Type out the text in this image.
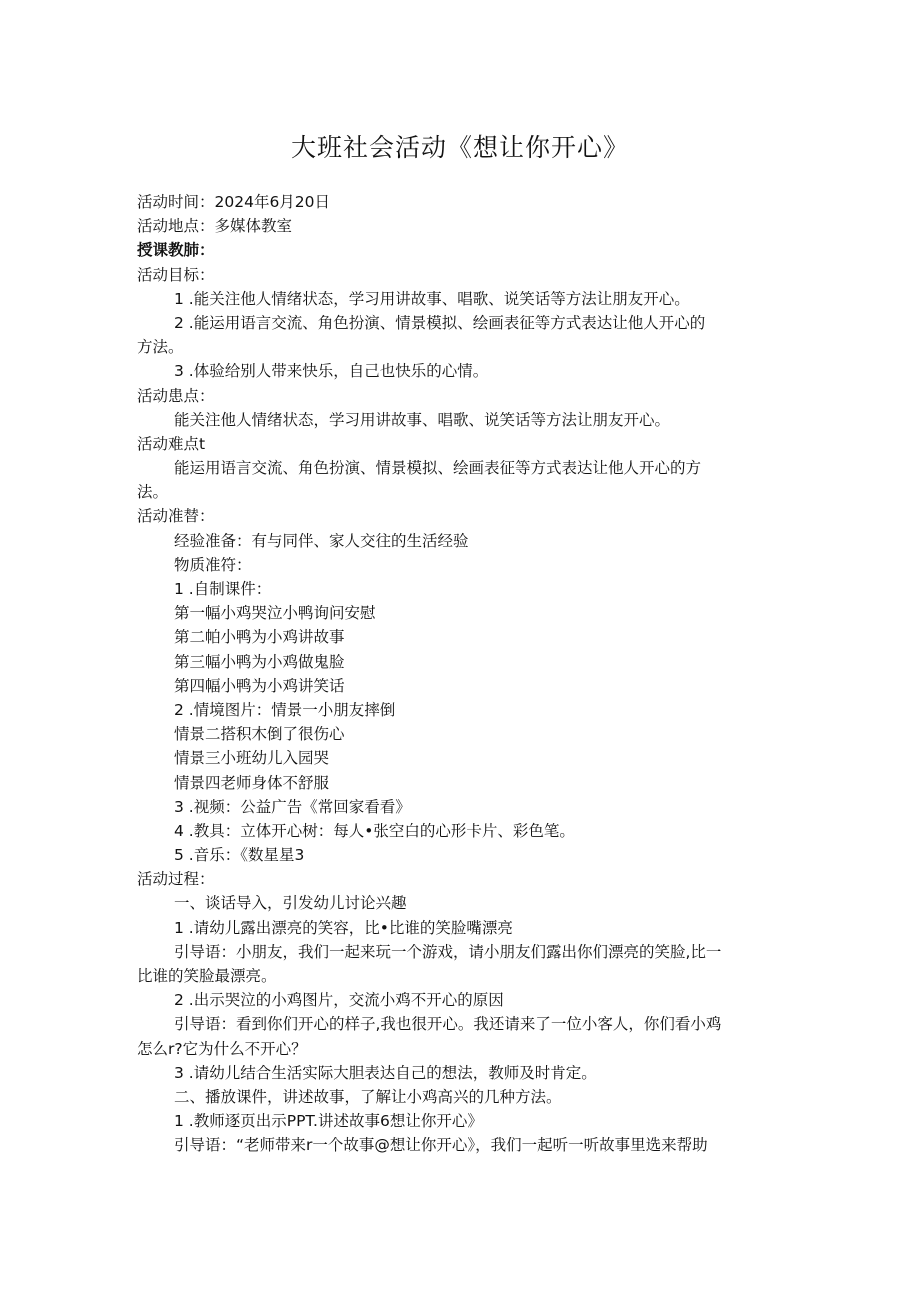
大班社会活动《想让你开心》
活动时间：2024年6月20日
活动地点：多媒体教室
授课教肺：
活动目标：
1 .能关注他人情绪状态，学习用讲故事、唱歌、说笑话等方法让朋友开心。
2 .能运用语言交流、角色扮演、情景模拟、绘画表征等方式表达让他人开心的
方法。
3 .体验给别人带来快乐，自己也快乐的心情。
活动患点：
能关注他人情绪状态，学习用讲故事、唱歌、说笑话等方法让朋友开心。
活动难点t
能运用语言交流、角色扮演、情景模拟、绘画表征等方式表达让他人开心的方
法。
活动准替：
经验准备：有与同伴、家人交往的生活经验
物质准符：
1 .自制课件：
第一幅小鸡哭泣小鸭询问安慰
第二帕小鸭为小鸡讲故事
第三幅小鸭为小鸡做鬼脸
第四幅小鸭为小鸡讲笑话
2 .情境图片：情景一小朋友摔倒
情景二搭积木倒了很伤心
情景三小班幼儿入园哭
情景四老师身体不舒服
3 .视频：公益广告《常回家看看》
4 .教具：立体开心树：每人•张空白的心形卡片、彩色笔。
5 .音乐：《数星星3
活动过程：
一、谈话导入，引发幼儿讨论兴趣
1 .请幼儿露出漂亮的笑容，比•比谁的笑脸嘴漂亮
引导语：小朋友，我们一起来玩一个游戏，请小朋友们露出你们漂亮的笑脸,比一
比谁的笑脸最漂亮。
2 .出示哭泣的小鸡图片，交流小鸡不开心的原因
引导语：看到你们开心的样子,我也很开心。我还请来了一位小客人，你们看小鸡
怎么r?它为什么不开心？
3 .请幼儿结合生活实际大胆表达自己的想法，教师及时肯定。
二、播放课件，讲述故事，了解让小鸡高兴的几种方法。
1 .教师逐页出示PPT.讲述故事6想让你开心》
引导语：“老师带来r一个故事@想让你开心》，我们一起听一听故事里选来帮助
